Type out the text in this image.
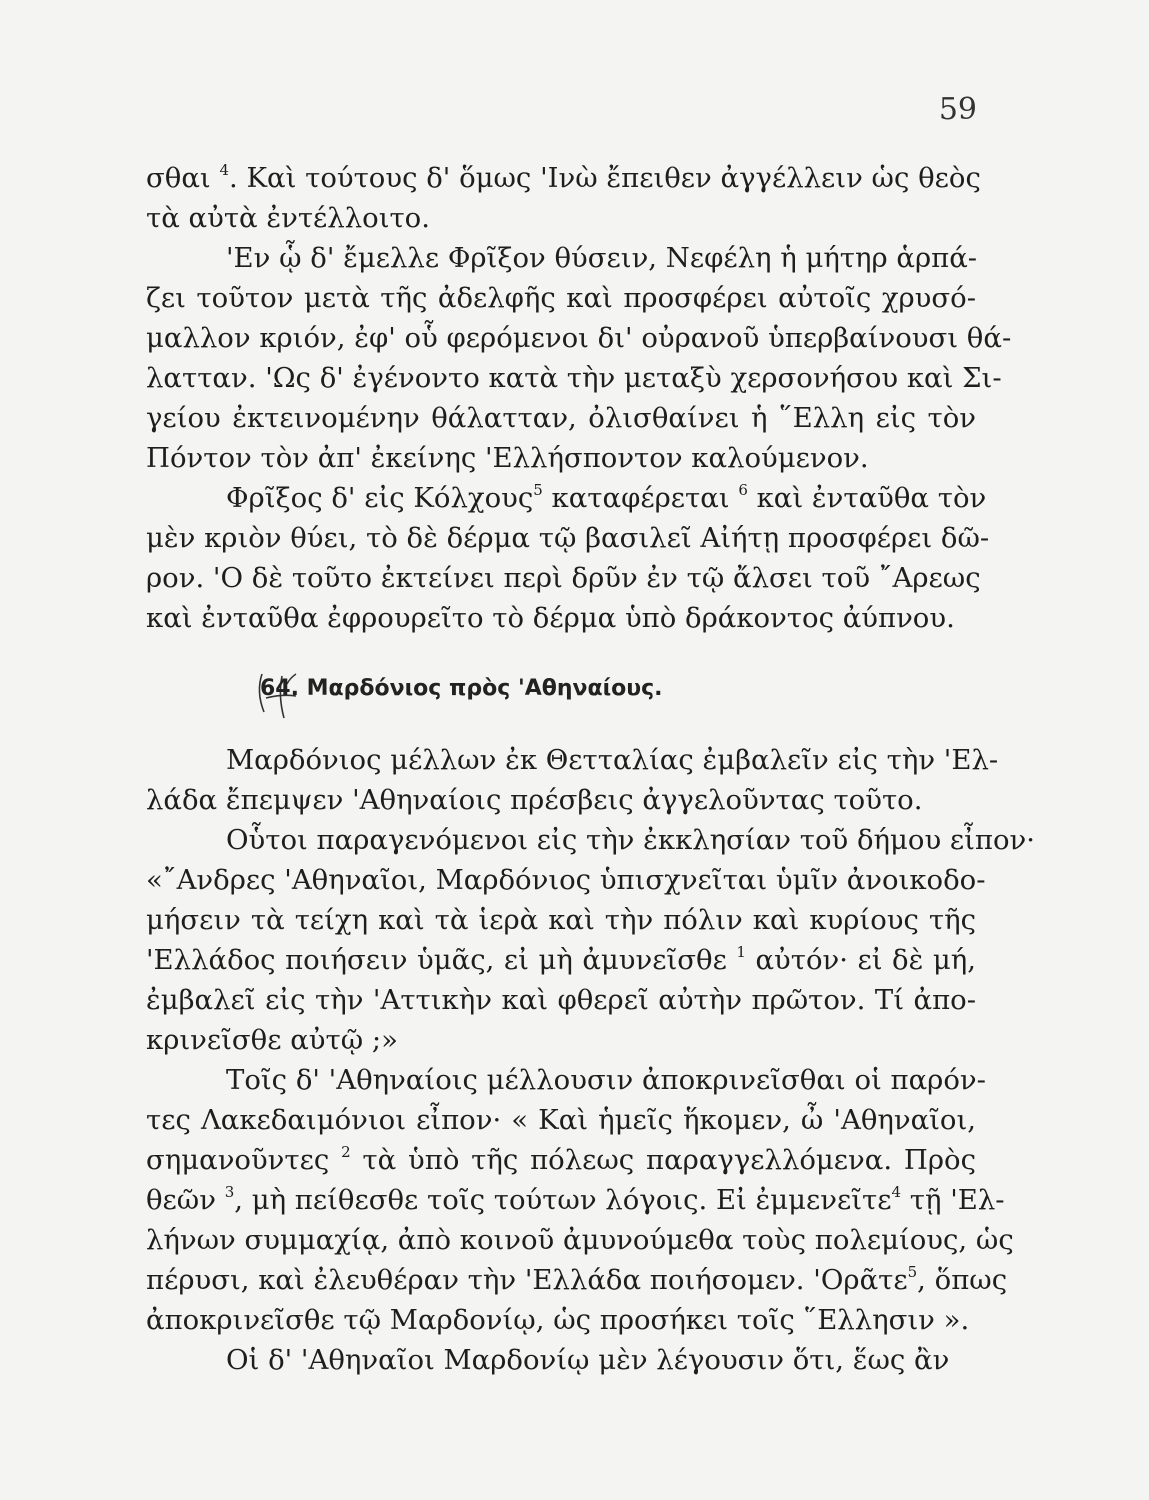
59
σθαι $^4$. Καὶ τούτους δ' ὅμως 'Ινὼ ἔπειθεν ἀγγέλλειν ὡς θεὸς
τὰ αὐτὰ ἐντέλλοιτο.
'Εν ᾧ δ' ἔμελλε Φρῖξον θύσειν, Νεφέλη ἡ μήτηρ ἁρπά-
ζει τοῦτον μετὰ τῆς ἀδελφῆς καὶ προσφέρει αὐτοῖς χρυσό-
μαλλον κριόν, ἐφ' οὗ φερόμενοι δι' οὐρανοῦ ὑπερβαίνουσι θά-
λατταν. 'Ως δ' ἐγένοντο κατὰ τὴν μεταξὺ χερσονήσου καὶ Σι-
γείου ἐκτεινομένην θάλατταν, ὀλισθαίνει ἡ ῞Ελλη εἰς τὸν
Πόντον τὸν ἀπ' ἐκείνης 'Ελλήσποντον καλούμενον.
Φρῖξος δ' εἰς Κόλχους$^5$ καταφέρεται $^6$ καὶ ἐνταῦθα τὸν
μὲν κριὸν θύει, τὸ δὲ δέρμα τῷ βασιλεῖ Αἰήτῃ προσφέρει δῶ-
ρον. 'Ο δὲ τοῦτο ἐκτείνει περὶ δρῦν ἐν τῷ ἄλσει τοῦ ῎Αρεως
καὶ ἐνταῦθα ἐφρουρεῖτο τὸ δέρμα ὑπὸ δράκοντος ἀύπνου.
64. Μαρδόνιος πρὸς 'Αθηναίους.
Μαρδόνιος μέλλων ἐκ Θετταλίας ἐμβαλεῖν εἰς τὴν 'Ελ-
λάδα ἔπεμψεν 'Αθηναίοις πρέσβεις ἀγγελοῦντας τοῦτο.
Οὗτοι παραγενόμενοι εἰς τὴν ἐκκλησίαν τοῦ δήμου εἶπον·
«῎Ανδρες 'Αθηναῖοι, Μαρδόνιος ὑπισχνεῖται ὑμῖν ἀνοικοδο-
μήσειν τὰ τείχη καὶ τὰ ἱερὰ καὶ τὴν πόλιν καὶ κυρίους τῆς
'Ελλάδος ποιήσειν ὑμᾶς, εἰ μὴ ἀμυνεῖσθε $^1$ αὐτόν· εἰ δὲ μή,
ἐμβαλεῖ εἰς τὴν 'Αττικὴν καὶ φθερεῖ αὐτὴν πρῶτον. Τί ἀπο-
κρινεῖσθε αὐτῷ ;»
Τοῖς δ' 'Αθηναίοις μέλλουσιν ἀποκρινεῖσθαι οἱ παρόν-
τες Λακεδαιμόνιοι εἶπον· « Καὶ ἡμεῖς ἥκομεν, ὦ 'Αθηναῖοι,
σημανοῦντες $^2$ τὰ ὑπὸ τῆς πόλεως παραγγελλόμενα. Πρὸς
θεῶν $^3$, μὴ πείθεσθε τοῖς τούτων λόγοις. Εἰ ἐμμενεῖτε$^4$ τῇ 'Ελ-
λήνων συμμαχίᾳ, ἀπὸ κοινοῦ ἀμυνούμεθα τοὺς πολεμίους, ὡς
πέρυσι, καὶ ἐλευθέραν τὴν 'Ελλάδα ποιήσομεν. 'Ορᾶτε$^5$, ὅπως
ἀποκρινεῖσθε τῷ Μαρδονίῳ, ὡς προσήκει τοῖς ῞Ελλησιν ».
Οἱ δ' 'Αθηναῖοι Μαρδονίῳ μὲν λέγουσιν ὅτι, ἕως ἂν
